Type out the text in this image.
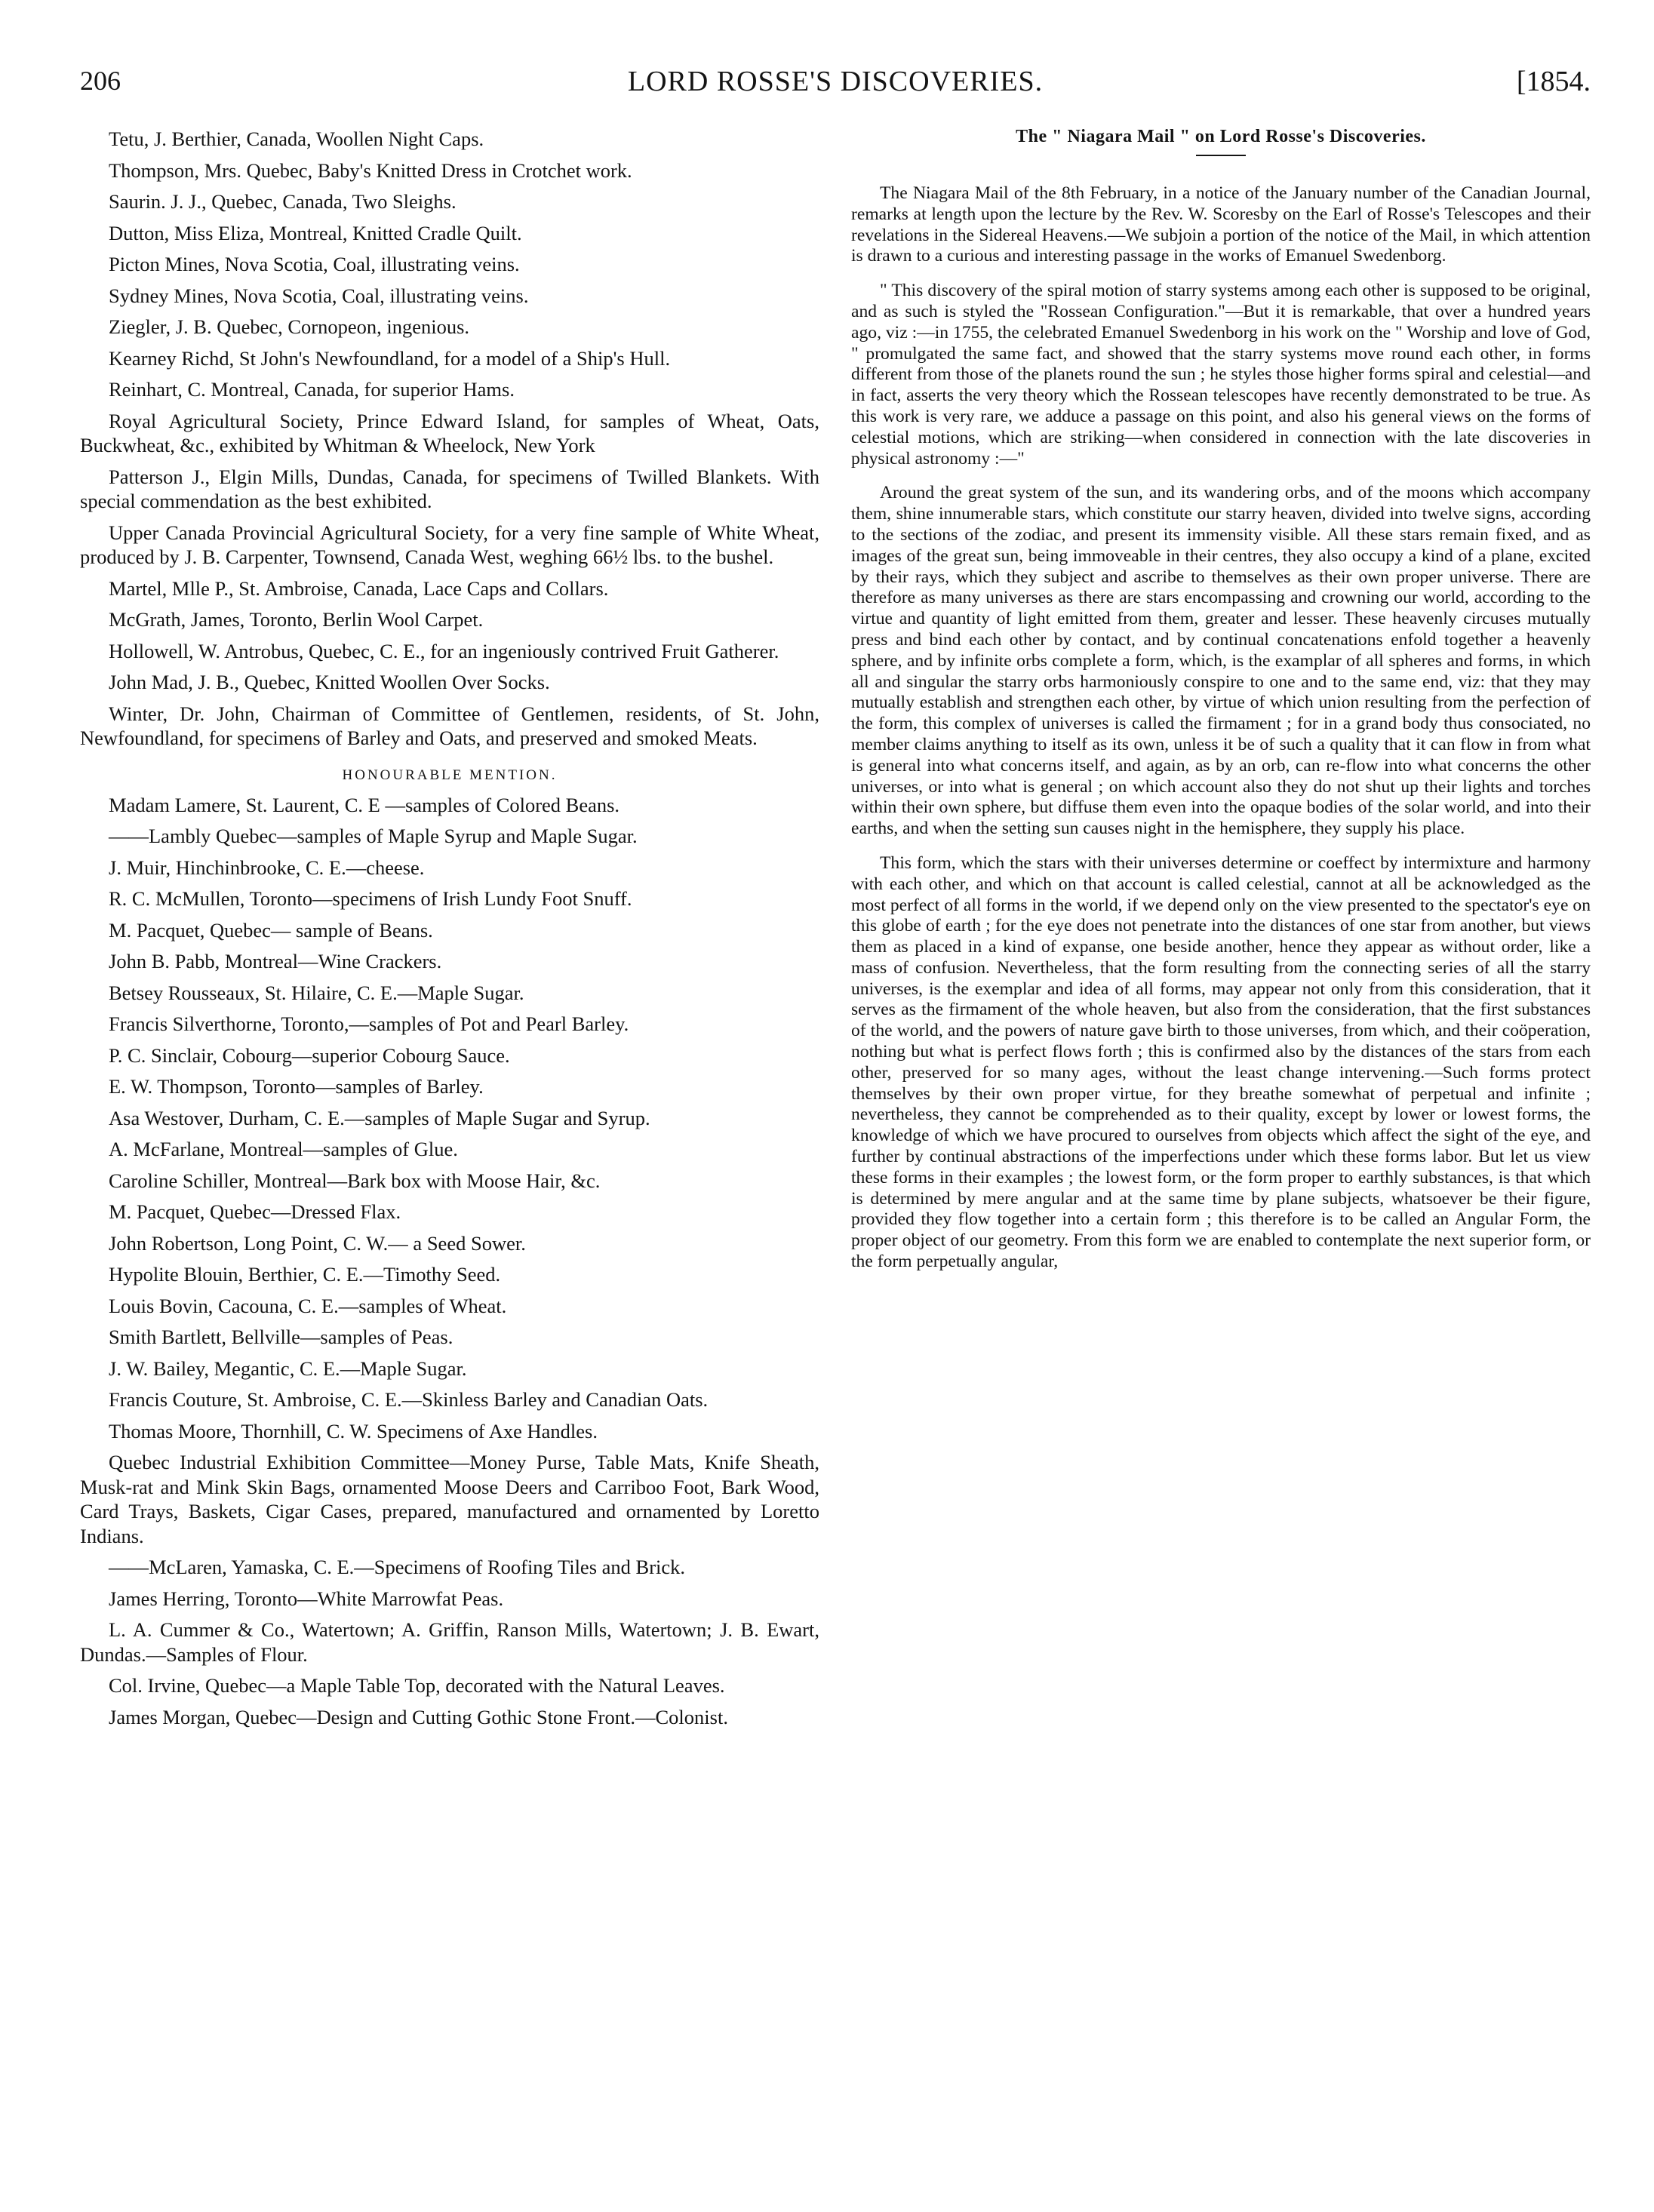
206	LORD ROSSE'S DISCOVERIES.	[1854.

Tetu, J. Berthier, Canada, Woollen Night Caps.

Thompson, Mrs. Quebec, Baby's Knitted Dress in Crotchet work.

Saurin. J. J., Quebec, Canada, Two Sleighs.

Dutton, Miss Eliza, Montreal, Knitted Cradle Quilt.

Picton Mines, Nova Scotia, Coal, illustrating veins.

Sydney Mines, Nova Scotia, Coal, illustrating veins.

Ziegler, J. B. Quebec, Cornopeon, ingenious.

Kearney Richd, St John's Newfoundland, for a model of a Ship's Hull.

Reinhart, C. Montreal, Canada, for superior Hams.

Royal Agricultural Society, Prince Edward Island, for samples of Wheat, Oats, Buckwheat, &c., exhibited by Whitman & Wheelock, New York

Patterson J., Elgin Mills, Dundas, Canada, for specimens of Twilled Blankets. With special commendation as the best exhibited.

Upper Canada Provincial Agricultural Society, for a very fine sample of White Wheat, produced by J. B. Carpenter, Townsend, Canada West, weghing 66½ lbs. to the bushel.

Martel, Mlle P., St. Ambroise, Canada, Lace Caps and Collars.

McGrath, James, Toronto, Berlin Wool Carpet.

Hollowell, W. Antrobus, Quebec, C. E., for an ingeniously contrived Fruit Gatherer.

John Mad, J. B., Quebec, Knitted Woollen Over Socks.

Winter, Dr. John, Chairman of Committee of Gentlemen, residents, of St. John, Newfoundland, for specimens of Barley and Oats, and preserved and smoked Meats.

HONOURABLE MENTION.

Madam Lamere, St. Laurent, C. E —samples of Colored Beans.

——Lambly Quebec—samples of Maple Syrup and Maple Sugar.

J. Muir, Hinchinbrooke, C. E.—cheese.

R. C. McMullen, Toronto—specimens of Irish Lundy Foot Snuff.

M. Pacquet, Quebec— sample of Beans.

John B. Pabb, Montreal—Wine Crackers.

Betsey Rousseaux, St. Hilaire, C. E.—Maple Sugar.

Francis Silverthorne, Toronto,—samples of Pot and Pearl Barley.

P. C. Sinclair, Cobourg—superior Cobourg Sauce.

E. W. Thompson, Toronto—samples of Barley.

Asa Westover, Durham, C. E.—samples of Maple Sugar and Syrup.

A. McFarlane, Montreal—samples of Glue.

Caroline Schiller, Montreal—Bark box with Moose Hair, &c.

M. Pacquet, Quebec—Dressed Flax.

John Robertson, Long Point, C. W.— a Seed Sower.

Hypolite Blouin, Berthier, C. E.—Timothy Seed.

Louis Bovin, Cacouna, C. E.—samples of Wheat.

Smith Bartlett, Bellville—samples of Peas.

J. W. Bailey, Megantic, C. E.—Maple Sugar.

Francis Couture, St. Ambroise, C. E.—Skinless Barley and Canadian Oats.

Thomas Moore, Thornhill, C. W. Specimens of Axe Handles.

Quebec Industrial Exhibition Committee—Money Purse, Table Mats, Knife Sheath, Musk-rat and Mink Skin Bags, ornamented Moose Deers and Carriboo Foot, Bark Wood, Card Trays, Baskets, Cigar Cases, prepared, manufactured and ornamented by Loretto Indians.

——McLaren, Yamaska, C. E.—Specimens of Roofing Tiles and Brick.

James Herring, Toronto—White Marrowfat Peas.

L. A. Cummer & Co., Watertown; A. Griffin, Ranson Mills, Watertown; J. B. Ewart, Dundas.—Samples of Flour.

Col. Irvine, Quebec—a Maple Table Top, decorated with the Natural Leaves.

James Morgan, Quebec—Design and Cutting Gothic Stone Front.—Colonist.

The " Niagara Mail " on Lord Rosse's Discoveries.

The Niagara Mail of the 8th February, in a notice of the January number of the Canadian Journal, remarks at length upon the lecture by the Rev. W. Scoresby on the Earl of Rosse's Telescopes and their revelations in the Sidereal Heavens.—We subjoin a portion of the notice of the Mail, in which attention is drawn to a curious and interesting passage in the works of Emanuel Swedenborg.

" This discovery of the spiral motion of starry systems among each other is supposed to be original, and as such is styled the "Rossean Configuration."—But it is remarkable, that over a hundred years ago, viz :—in 1755, the celebrated Emanuel Swedenborg in his work on the " Worship and love of God, " promulgated the same fact, and showed that the starry systems move round each other, in forms different from those of the planets round the sun ; he styles those higher forms spiral and celestial—and in fact, asserts the very theory which the Rossean telescopes have recently demonstrated to be true. As this work is very rare, we adduce a passage on this point, and also his general views on the forms of celestial motions, which are striking—when considered in connection with the late discoveries in physical astronomy :—"

Around the great system of the sun, and its wandering orbs, and of the moons which accompany them, shine innumerable stars, which constitute our starry heaven, divided into twelve signs, according to the sections of the zodiac, and present its immensity visible. All these stars remain fixed, and as images of the great sun, being immoveable in their centres, they also occupy a kind of a plane, excited by their rays, which they subject and ascribe to themselves as their own proper universe. There are therefore as many universes as there are stars encompassing and crowning our world, according to the virtue and quantity of light emitted from them, greater and lesser. These heavenly circuses mutually press and bind each other by contact, and by continual concatenations enfold together a heavenly sphere, and by infinite orbs complete a form, which, is the examplar of all spheres and forms, in which all and singular the starry orbs harmoniously conspire to one and to the same end, viz: that they may mutually establish and strengthen each other, by virtue of which union resulting from the perfection of the form, this complex of universes is called the firmament ; for in a grand body thus consociated, no member claims anything to itself as its own, unless it be of such a quality that it can flow in from what is general into what concerns itself, and again, as by an orb, can re-flow into what concerns the other universes, or into what is general ; on which account also they do not shut up their lights and torches within their own sphere, but diffuse them even into the opaque bodies of the solar world, and into their earths, and when the setting sun causes night in the hemisphere, they supply his place.

This form, which the stars with their universes determine or coeffect by intermixture and harmony with each other, and which on that account is called celestial, cannot at all be acknowledged as the most perfect of all forms in the world, if we depend only on the view presented to the spectator's eye on this globe of earth ; for the eye does not penetrate into the distances of one star from another, but views them as placed in a kind of expanse, one beside another, hence they appear as without order, like a mass of confusion. Nevertheless, that the form resulting from the connecting series of all the starry universes, is the exemplar and idea of all forms, may appear not only from this consideration, that it serves as the firmament of the whole heaven, but also from the consideration, that the first substances of the world, and the powers of nature gave birth to those universes, from which, and their coöperation, nothing but what is perfect flows forth ; this is confirmed also by the distances of the stars from each other, preserved for so many ages, without the least change intervening.—Such forms protect themselves by their own proper virtue, for they breathe somewhat of perpetual and infinite ; nevertheless, they cannot be comprehended as to their quality, except by lower or lowest forms, the knowledge of which we have procured to ourselves from objects which affect the sight of the eye, and further by continual abstractions of the imperfections under which these forms labor. But let us view these forms in their examples ; the lowest form, or the form proper to earthly substances, is that which is determined by mere angular and at the same time by plane subjects, whatsoever be their figure, provided they flow together into a certain form ; this therefore is to be called an Angular Form, the proper object of our geometry. From this form we are enabled to contemplate the next superior form, or the form perpetually angular,
